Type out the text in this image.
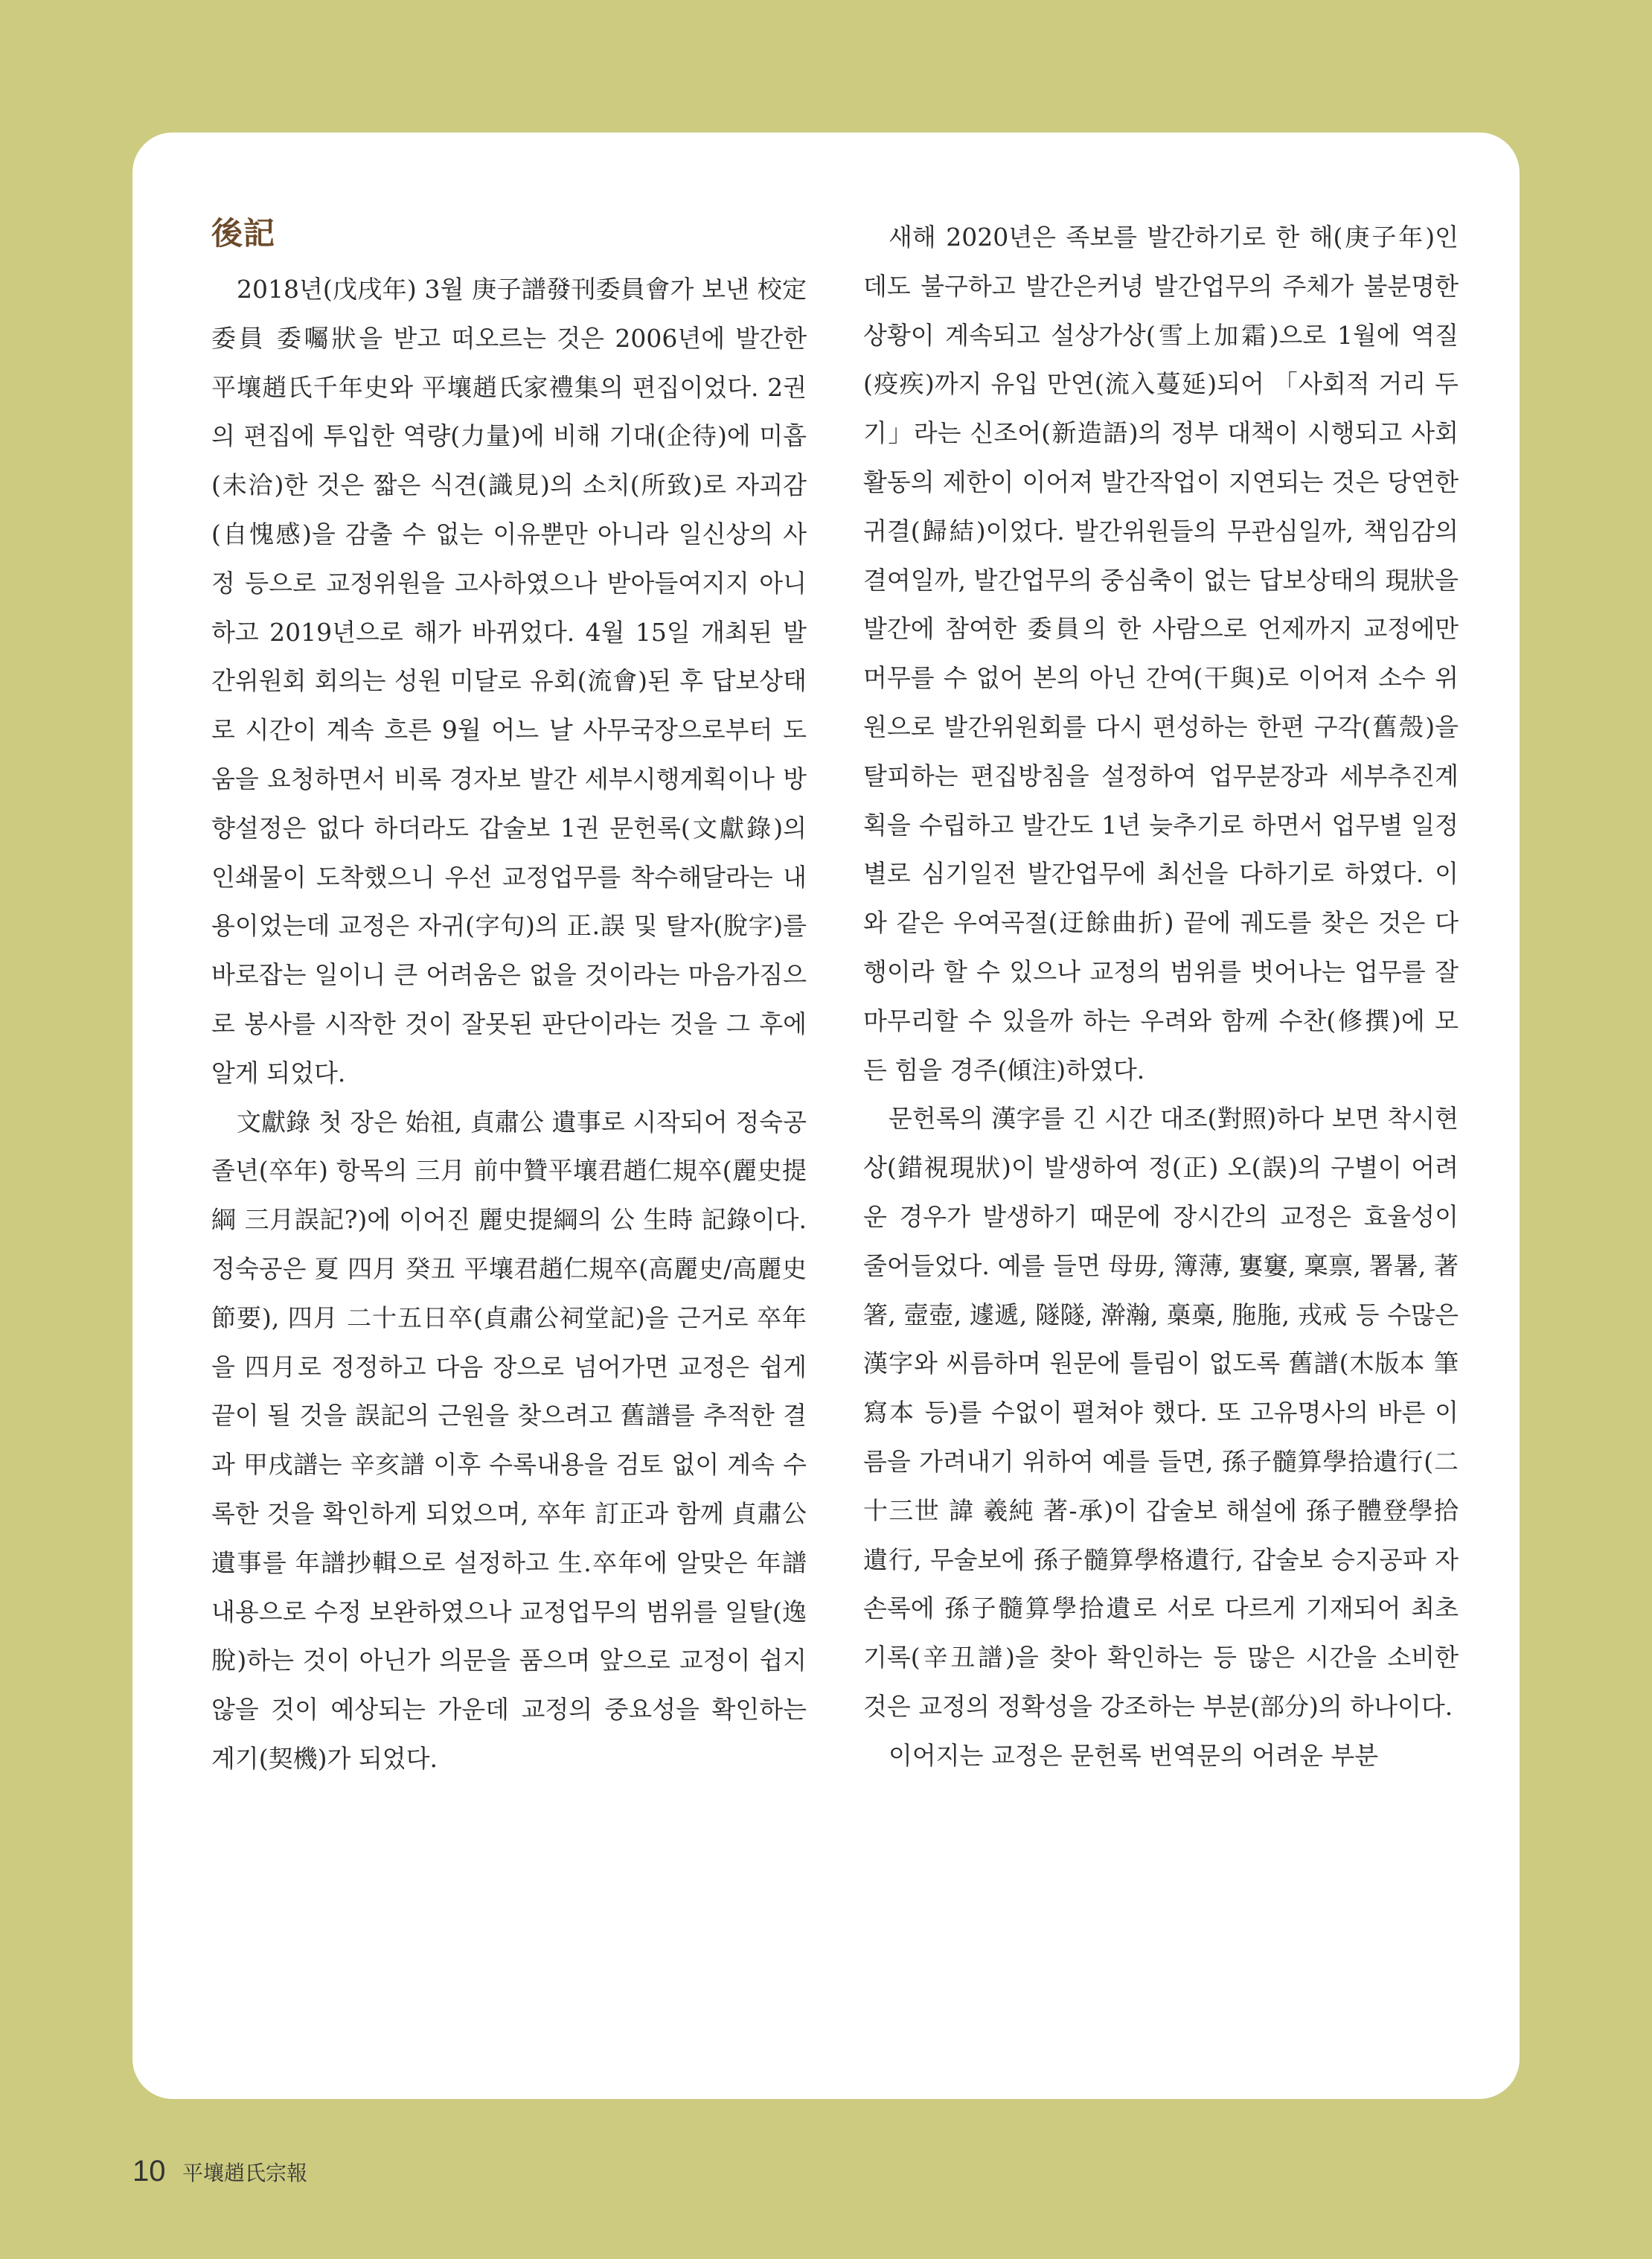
後記

2018년(戊戌年) 3월 庚子譜發刊委員會가 보낸 校定委員 委囑狀을 받고 떠오르는 것은 2006년에 발간한 平壤趙氏千年史와 平壤趙氏家禮集의 편집이었다. 2권의 편집에 투입한 역량(力量)에 비해 기대(企待)에 미흡(未洽)한 것은 짧은 식견(識見)의 소치(所致)로 자괴감(自愧感)을 감출 수 없는 이유뿐만 아니라 일신상의 사정 등으로 교정위원을 고사하였으나 받아들여지지 아니하고 2019년으로 해가 바뀌었다. 4월 15일 개최된 발간위원회 회의는 성원 미달로 유회(流會)된 후 답보상태로 시간이 계속 흐른 9월 어느 날 사무국장으로부터 도움을 요청하면서 비록 경자보 발간 세부시행계획이나 방향설정은 없다 하더라도 갑술보 1권 문헌록(文獻錄)의 인쇄물이 도착했으니 우선 교정업무를 착수해달라는 내용이었는데 교정은 자귀(字句)의 正.誤 및 탈자(脫字)를 바로잡는 일이니 큰 어려움은 없을 것이라는 마음가짐으로 봉사를 시작한 것이 잘못된 판단이라는 것을 그 후에 알게 되었다.

文獻錄 첫 장은 始祖, 貞肅公 遺事로 시작되어 정숙공 졸년(卒年) 항목의 三月 前中贊平壤君趙仁規卒(麗史提綱 三月誤記?)에 이어진 麗史提綱의 公 生時 記錄이다. 정숙공은 夏 四月 癸丑 平壤君趙仁規卒(高麗史/高麗史節要), 四月 二十五日卒(貞肅公祠堂記)을 근거로 卒年을 四月로 정정하고 다음 장으로 넘어가면 교정은 쉽게 끝이 될 것을 誤記의 근원을 찾으려고 舊譜를 추적한 결과 甲戌譜는 辛亥譜 이후 수록내용을 검토 없이 계속 수록한 것을 확인하게 되었으며, 卒年 訂正과 함께 貞肅公遺事를 年譜抄輯으로 설정하고 生.卒年에 알맞은 年譜 내용으로 수정 보완하였으나 교정업무의 범위를 일탈(逸脫)하는 것이 아닌가 의문을 품으며 앞으로 교정이 쉽지 않을 것이 예상되는 가운데 교정의 중요성을 확인하는 계기(契機)가 되었다.

새해 2020년은 족보를 발간하기로 한 해(庚子年)인데도 불구하고 발간은커녕 발간업무의 주체가 불분명한 상황이 계속되고 설상가상(雪上加霜)으로 1월에 역질(疫疾)까지 유입 만연(流入蔓延)되어 「사회적 거리 두기」라는 신조어(新造語)의 정부 대책이 시행되고 사회활동의 제한이 이어져 발간작업이 지연되는 것은 당연한 귀결(歸結)이었다. 발간위원들의 무관심일까, 책임감의 결여일까, 발간업무의 중심축이 없는 답보상태의 現狀을 발간에 참여한 委員의 한 사람으로 언제까지 교정에만 머무를 수 없어 본의 아닌 간여(干與)로 이어져 소수 위원으로 발간위원회를 다시 편성하는 한편 구각(舊殼)을 탈피하는 편집방침을 설정하여 업무분장과 세부추진계획을 수립하고 발간도 1년 늦추기로 하면서 업무별 일정별로 심기일전 발간업무에 최선을 다하기로 하였다. 이와 같은 우여곡절(迂餘曲折) 끝에 궤도를 찾은 것은 다행이라 할 수 있으나 교정의 범위를 벗어나는 업무를 잘 마무리할 수 있을까 하는 우려와 함께 수찬(修撰)에 모든 힘을 경주(傾注)하였다.

문헌록의 漢字를 긴 시간 대조(對照)하다 보면 착시현상(錯視現狀)이 발생하여 정(正) 오(誤)의 구별이 어려운 경우가 발생하기 때문에 장시간의 교정은 효율성이 줄어들었다. 예를 들면 母毋, 簿薄, 寠窶, 稟禀, 署暑, 著箸, 壼壺, 遽遞, 隧隧, 澣瀚, 槀槀, 胣胣, 戎戒 등 수많은 漢字와 씨름하며 원문에 틀림이 없도록 舊譜(木版本 筆寫本 등)를 수없이 펼쳐야 했다. 또 고유명사의 바른 이름을 가려내기 위하여 예를 들면, 孫子髓算學拾遺行(二十三世 諱 羲純 著-承)이 갑술보 해설에 孫子體登學拾遺行, 무술보에 孫子髓算學格遺行, 갑술보 승지공파 자손록에 孫子髓算學拾遺로 서로 다르게 기재되어 최초 기록(辛丑譜)을 찾아 확인하는 등 많은 시간을 소비한 것은 교정의 정확성을 강조하는 부분(部分)의 하나이다.

이어지는 교정은 문헌록 번역문의 어려운 부분

10 平壤趙氏宗報
